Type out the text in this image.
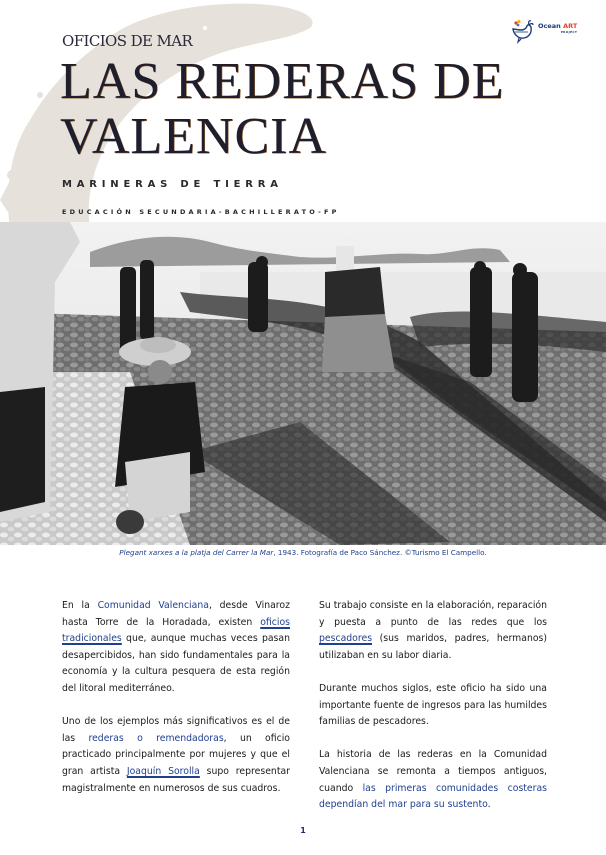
Ocean ART
PROJECT
OFICIOS DE MAR
LAS REDERAS DE
VALENCIA
MARINERAS DE TIERRA
EDUCACIÓN SECUNDARIA-BACHILLERATO-FP
Plegant xarxes a la platja del Carrer la Mar, 1943. Fotografía de Paco Sánchez. ©Turismo El Campello.

En la Comunidad Valenciana, desde Vinaroz hasta Torre de la Horadada, existen oficios tradicionales que, aunque muchas veces pasan desapercibidos, han sido fundamentales para la economía y la cultura pesquera de esta región del litoral mediterráneo.

Uno de los ejemplos más significativos es el de las rederas o remendadoras, un oficio practicado principalmente por mujeres y que el gran artista Joaquín Sorolla supo representar magistralmente en numerosos de sus cuadros.

Su trabajo consiste en la elaboración, reparación y puesta a punto de las redes que los pescadores (sus maridos, padres, hermanos) utilizaban en su labor diaria.

Durante muchos siglos, este oficio ha sido una importante fuente de ingresos para las humildes familias de pescadores.

La historia de las rederas en la Comunidad Valenciana se remonta a tiempos antiguos, cuando las primeras comunidades costeras dependían del mar para su sustento.

1
